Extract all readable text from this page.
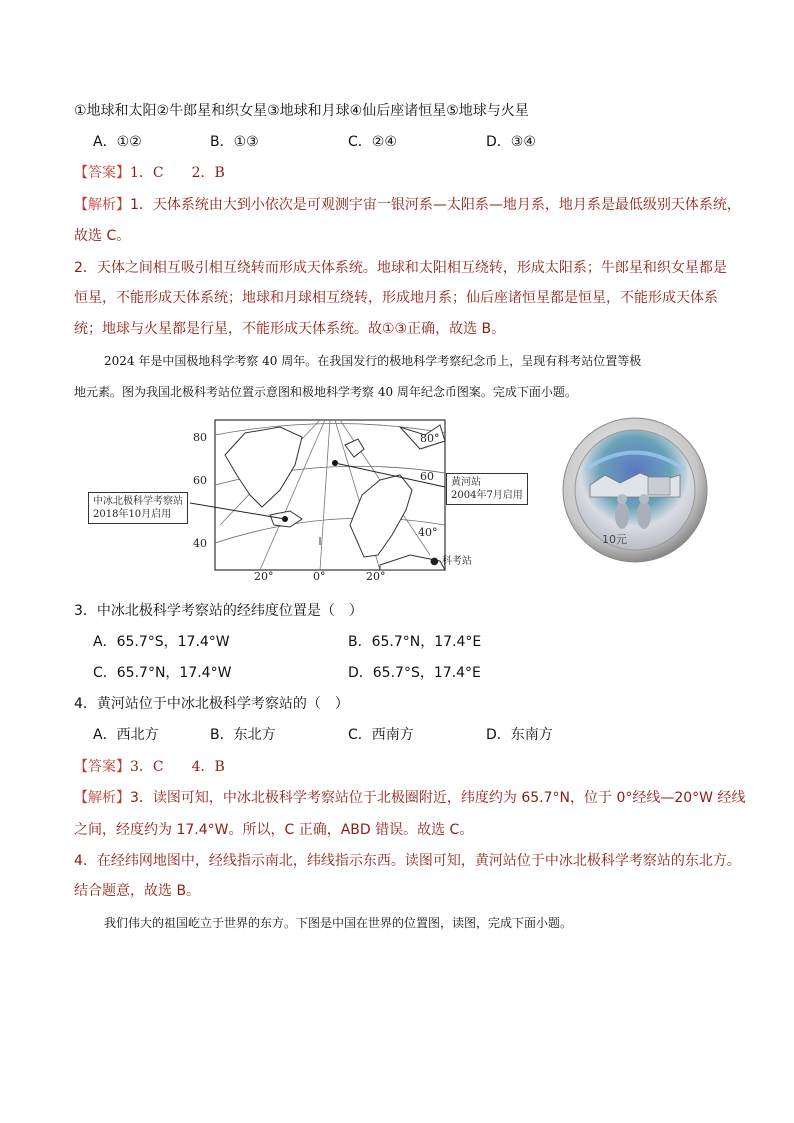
①地球和太阳②牛郎星和织女星③地球和月球④仙后座诸恒星⑤地球与火星
A．①②	B．①③	C．②④	D．③④
【答案】1．C　　2．B
【解析】1．天体系统由大到小依次是可观测宇宙一银河系—太阳系—地月系，地月系是最低级别天体系统，
故选 C。
2．天体之间相互吸引相互绕转而形成天体系统。地球和太阳相互绕转，形成太阳系；牛郎星和织女星都是
恒星，不能形成天体系统；地球和月球相互绕转，形成地月系；仙后座诸恒星都是恒星，不能形成天体系
统；地球与火星都是行星，不能形成天体系统。故①③正确，故选 B。
2024 年是中国极地科学考察 40 周年。在我国发行的极地科学考察纪念币上，呈现有科考站位置等极
地元素。图为我国北极科考站位置示意图和极地科学考察 40 周年纪念币图案。完成下面小题。
80
60
40
80°
60
40°
20°	0°	20°
中冰北极科学考察站
2018年10月启用
黄河站
2004年7月启用
● 科考站
10元
3．中冰北极科学考察站的经纬度位置是（　）
A．65.7°S，17.4°W	B．65.7°N，17.4°E
C．65.7°N，17.4°W	D．65.7°S，17.4°E
4．黄河站位于中冰北极科学考察站的（　）
A．西北方	B．东北方	C．西南方	D．东南方
【答案】3．C　　4．B
【解析】3．读图可知，中冰北极科学考察站位于北极圈附近，纬度约为 65.7°N，位于 0°经线—20°W 经线
之间，经度约为 17.4°W。所以，C 正确，ABD 错误。故选 C。
4．在经纬网地图中，经线指示南北，纬线指示东西。读图可知，黄河站位于中冰北极科学考察站的东北方。
结合题意，故选 B。
我们伟大的祖国屹立于世界的东方。下图是中国在世界的位置图，读图，完成下面小题。
